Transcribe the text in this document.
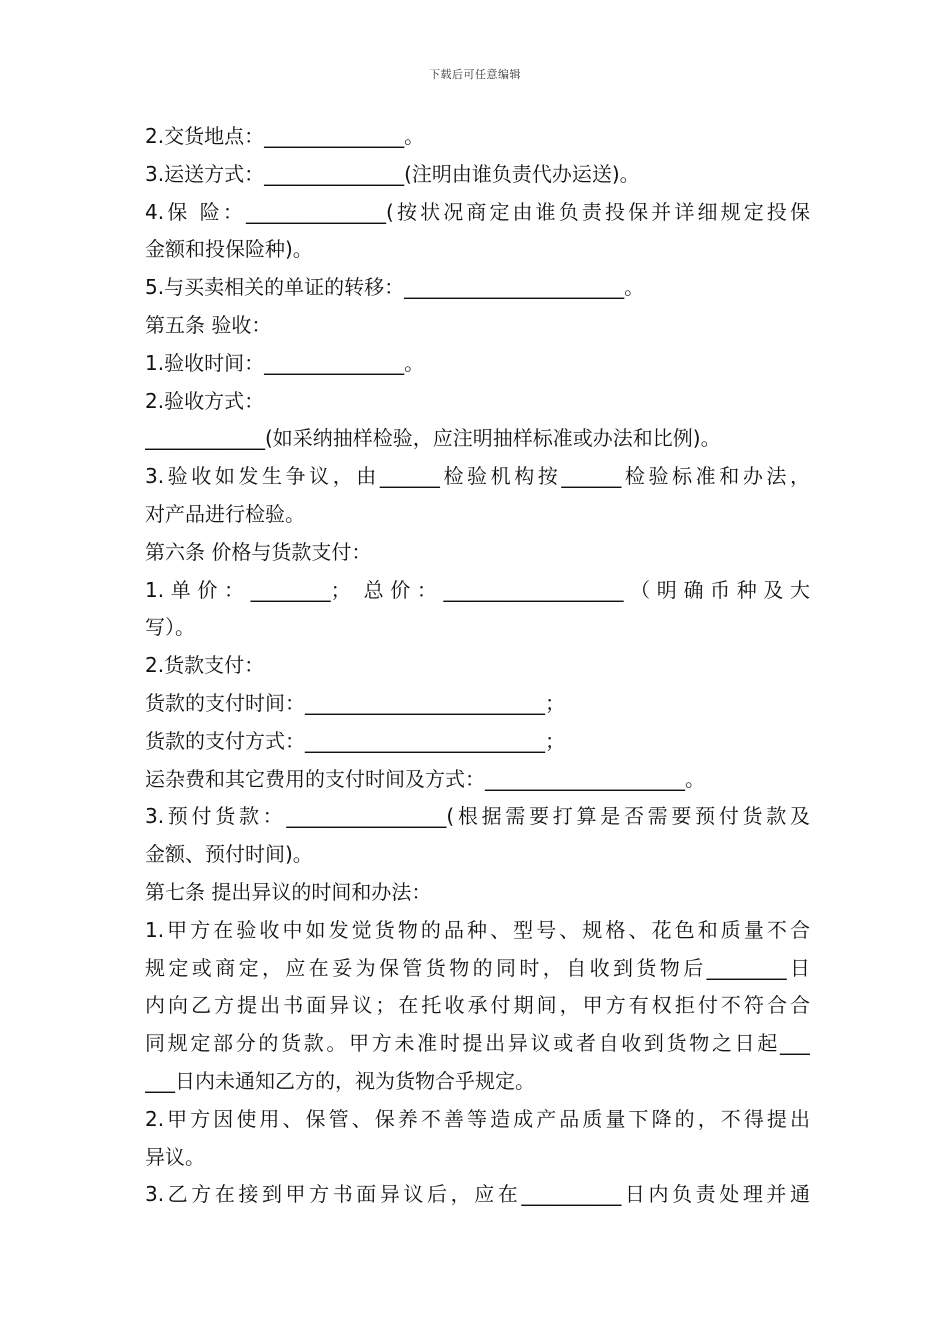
下载后可任意编辑
2.交货地点：______________。
3.运送方式：______________(注明由谁负责代办运送)。
4.保 险：______________(按状况商定由谁负责投保并详细规定投保
金额和投保险种)。
5.与买卖相关的单证的转移：______________________。
第五条 验收：
1.验收时间：______________。
2.验收方式：
____________(如采纳抽样检验，应注明抽样标准或办法和比例)。
3.验收如发生争议，由______检验机构按______检验标准和办法，
对产品进行检验。
第六条 价格与货款支付：
1.单价：________； 总价：__________________（明确币种及大
写）。
2.货款支付：
货款的支付时间：________________________；
货款的支付方式：________________________；
运杂费和其它费用的支付时间及方式：____________________。
3.预付货款：________________(根据需要打算是否需要预付货款及
金额、预付时间)。
第七条 提出异议的时间和办法：
1.甲方在验收中如发觉货物的品种、型号、规格、花色和质量不合
规定或商定，应在妥为保管货物的同时，自收到货物后________日
内向乙方提出书面异议；在托收承付期间，甲方有权拒付不符合合
同规定部分的货款。甲方未准时提出异议或者自收到货物之日起___
___日内未通知乙方的，视为货物合乎规定。
2.甲方因使用、保管、保养不善等造成产品质量下降的，不得提出
异议。
3.乙方在接到甲方书面异议后，应在__________日内负责处理并通
